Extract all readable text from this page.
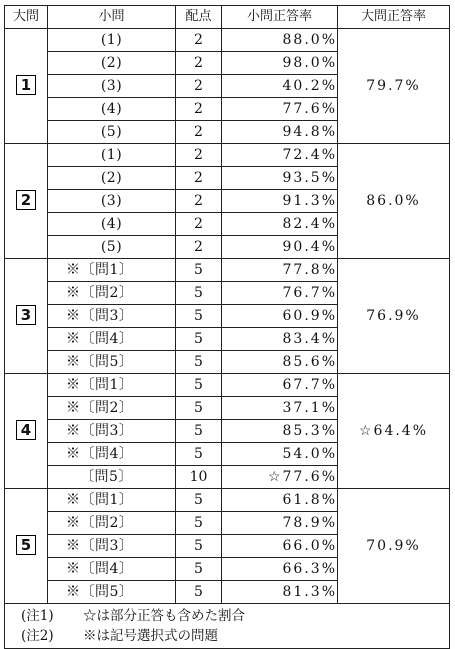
大問	小問	配点	小問正答率	大問正答率
1	(1)	2	88.0%	79.7%
	(2)	2	98.0%	
	(3)	2	40.2%	
	(4)	2	77.6%	
	(5)	2	94.8%	
2	(1)	2	72.4%	86.0%
	(2)	2	93.5%	
	(3)	2	91.3%	
	(4)	2	82.4%	
	(5)	2	90.4%	
3	※〔問1〕	5	77.8%	76.9%
	※〔問2〕	5	76.7%	
	※〔問3〕	5	60.9%	
	※〔問4〕	5	83.4%	
	※〔問5〕	5	85.6%	
4	※〔問1〕	5	67.7%	☆64.4%
	※〔問2〕	5	37.1%	
	※〔問3〕	5	85.3%	
	※〔問4〕	5	54.0%	
	〔問5〕	10	☆77.6%	
5	※〔問1〕	5	61.8%	70.9%
	※〔問2〕	5	78.9%	
	※〔問3〕	5	66.0%	
	※〔問4〕	5	66.3%	
	※〔問5〕	5	81.3%	

(注1) ☆は部分正答も含めた割合
(注2) ※は記号選択式の問題				
